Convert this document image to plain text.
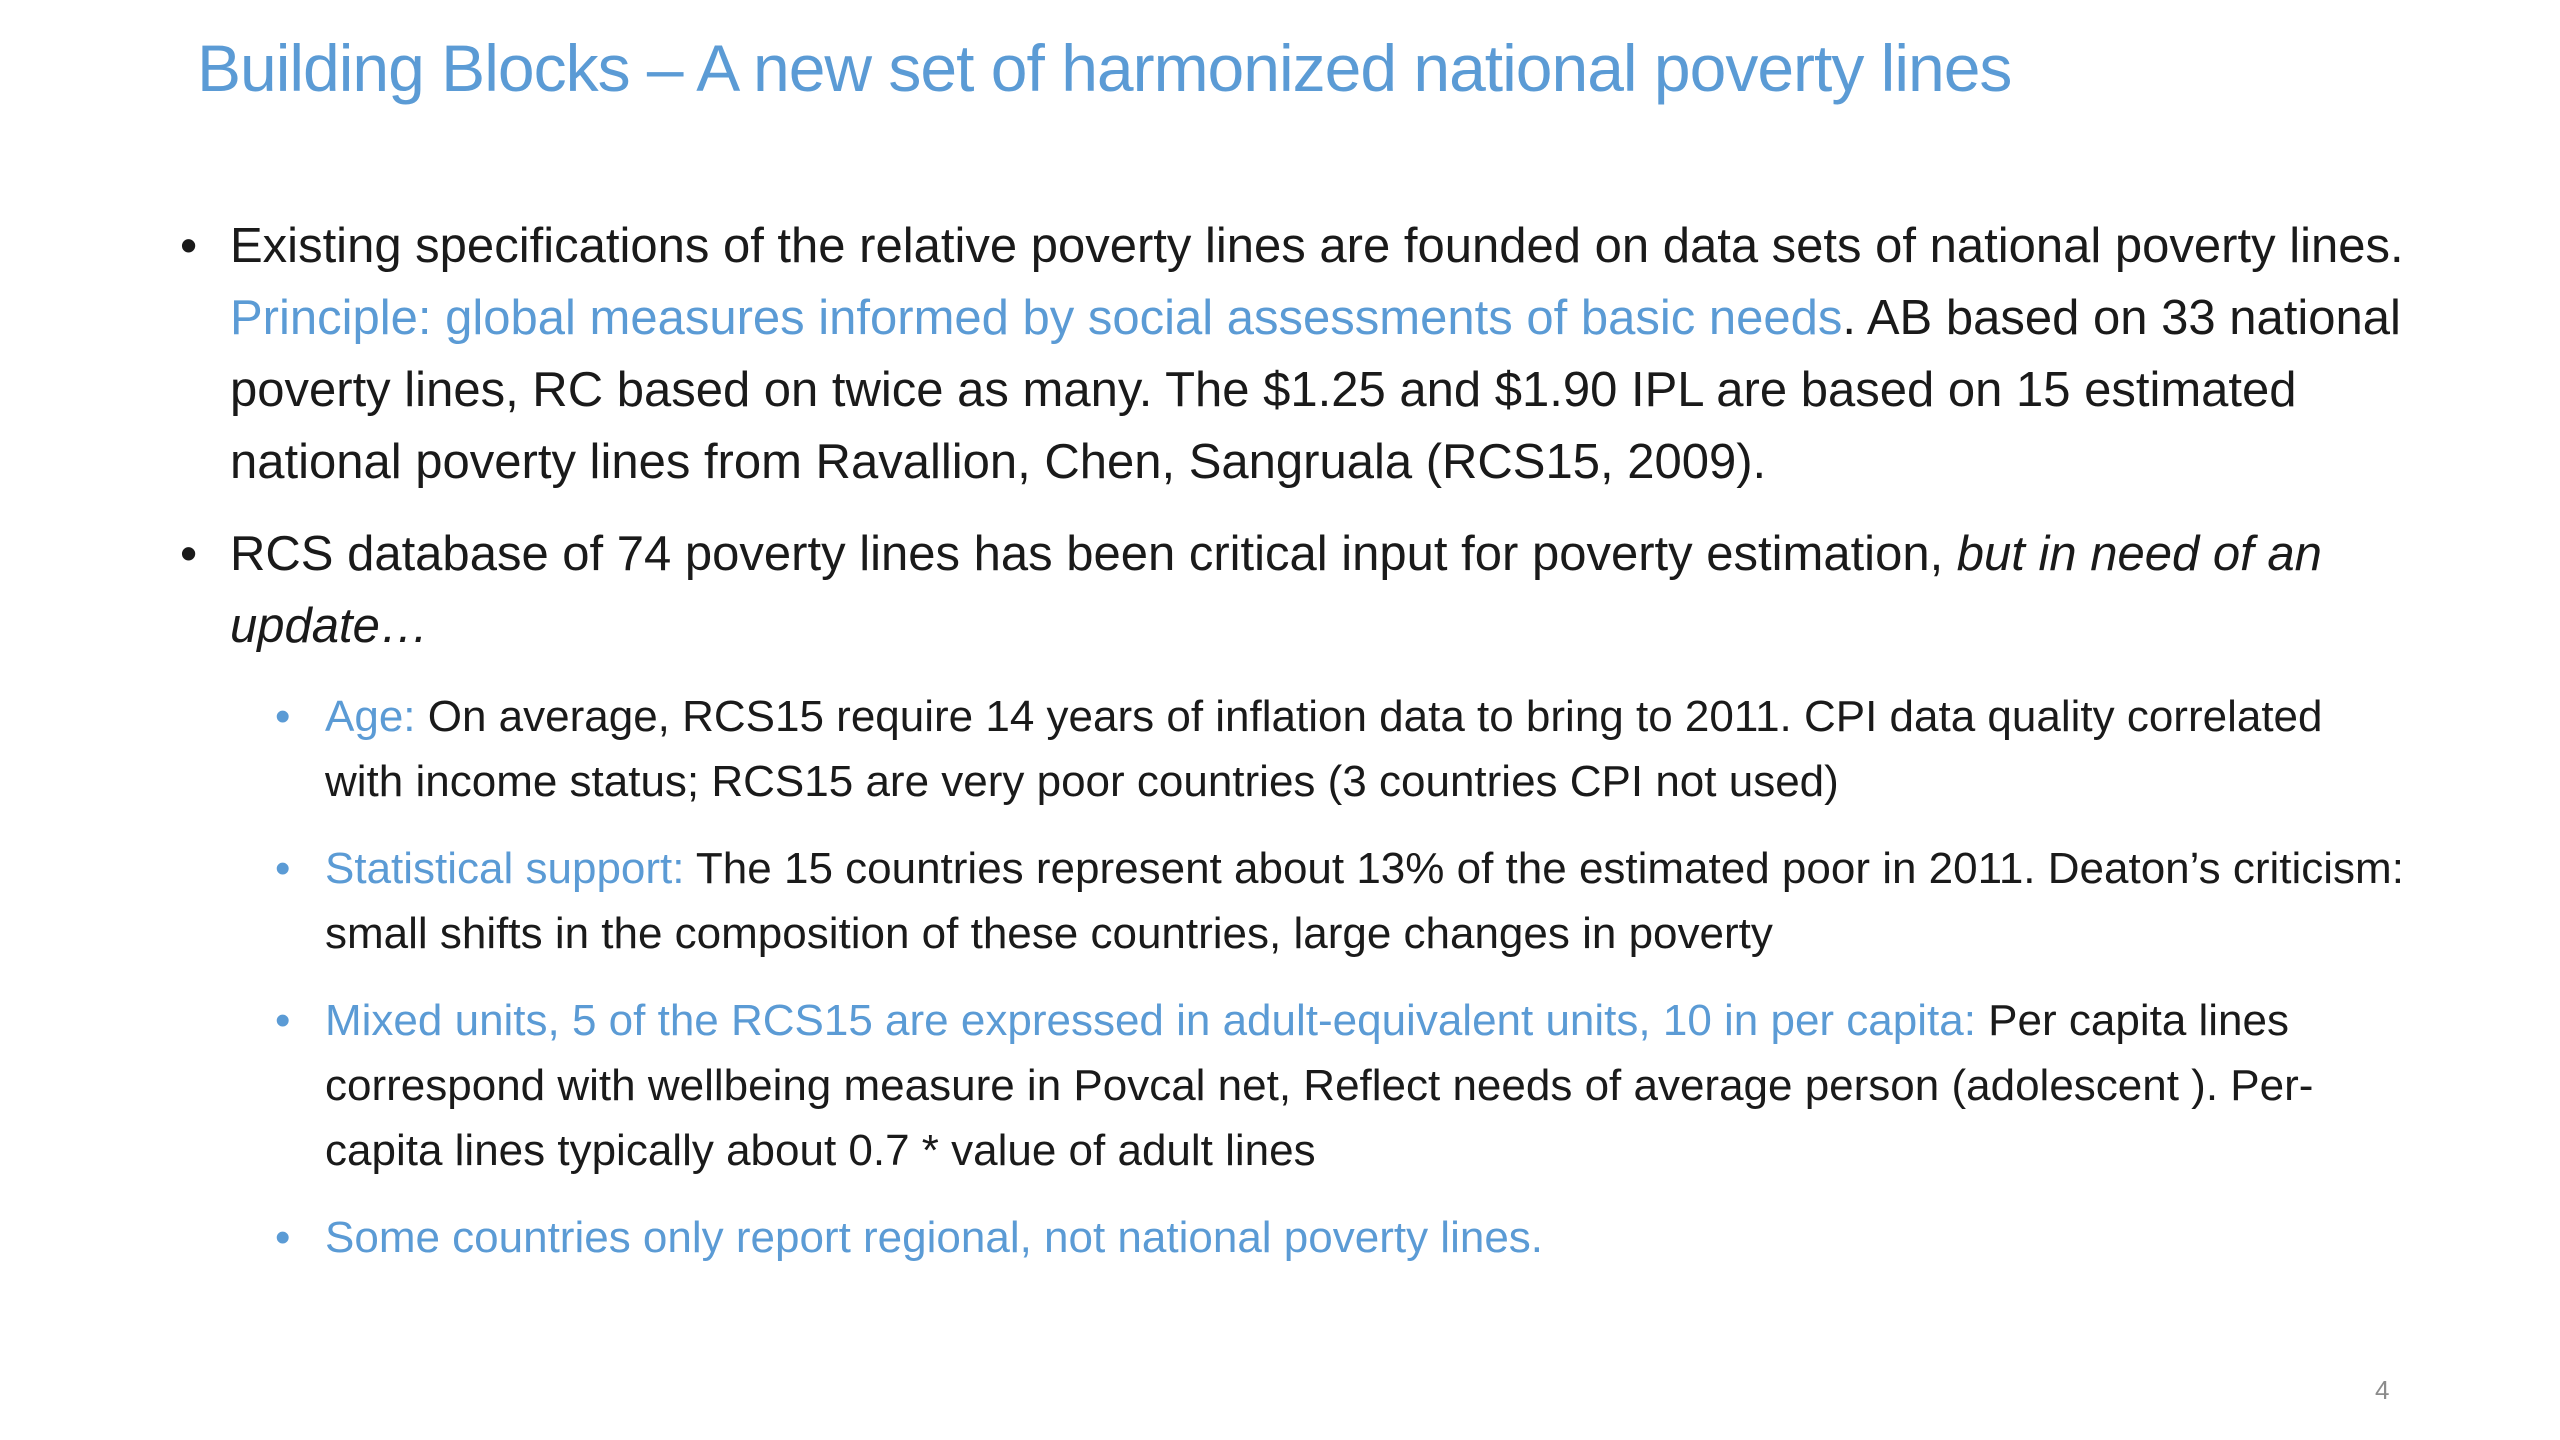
Building Blocks – A new set of harmonized national poverty lines
• Existing specifications of the relative poverty lines are founded on data sets of national poverty lines. Principle: global measures informed by social assessments of basic needs. AB based on 33 national poverty lines, RC based on twice as many. The $1.25 and $1.90 IPL are based on 15 estimated national poverty lines from Ravallion, Chen, Sangruala (RCS15, 2009).
• RCS database of 74 poverty lines has been critical input for poverty estimation, but in need of an update…
• Age: On average, RCS15 require 14 years of inflation data to bring to 2011. CPI data quality correlated with income status; RCS15 are very poor countries (3 countries CPI not used)
• Statistical support: The 15 countries represent about 13% of the estimated poor in 2011. Deaton’s criticism: small shifts in the composition of these countries, large changes in poverty
• Mixed units, 5 of the RCS15 are expressed in adult-equivalent units, 10 in per capita: Per capita lines correspond with wellbeing measure in Povcal net, Reflect needs of average person (adolescent ). Per-capita lines typically about 0.7 * value of adult lines
• Some countries only report regional, not national poverty lines.
4
